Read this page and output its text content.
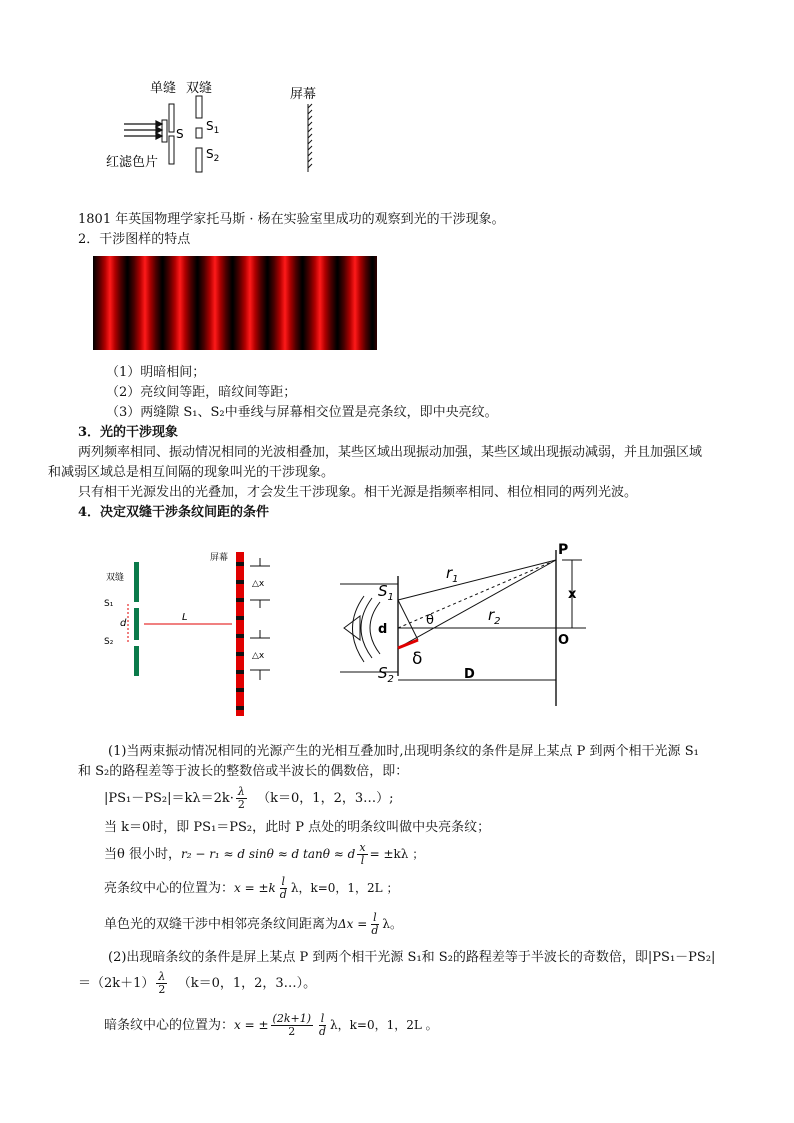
单缝 双缝	屏幕
S
$S_1$
$S_2$
红滤色片
1801 年英国物理学家托马斯 · 杨在实验室里成功的观察到光的干涉现象。
2．干涉图样的特点
（1）明暗相间；
（2）亮纹间等距，暗纹间等距；
（3）两缝隙 S₁、S₂中垂线与屏幕相交位置是亮条纹，即中央亮纹。
3．光的干涉现象
两列频率相同、振动情况相同的光波相叠加，某些区域出现振动加强，某些区域出现振动减弱，并且加强区域
和减弱区域总是相互间隔的现象叫光的干涉现象。
只有相干光源发出的光叠加，才会发生干涉现象。相干光源是指频率相同、相位相同的两列光波。
4．决定双缝干涉条纹间距的条件
双缝
屏幕
S₁
S₂
d
L
△x
△x
P
x
O
$S_1$
$S_2$
$r_1$
$r_2$
d
θ
δ
D
(1)当两束振动情况相同的光源产生的光相互叠加时,出现明条纹的条件是屏上某点 P 到两个相干光源 S₁
和 S₂的路程差等于波长的整数倍或半波长的偶数倍，即：
$|PS_1-PS_2|=k\lambda=2k\cdot \frac{\lambda}{2} (k=0$，1，2，3…）;
当 k＝0时，即 PS₁＝PS₂，此时 P 点处的明条纹叫做中央亮条纹；
当θ 很小时，r₂ − r₁ ≈ d sinθ ≈ d tanθ ≈ d $\frac{x}{l} = \pm k\lambda$ ；
亮条纹中心的位置为：$x = \pm k \frac{l}{d}$ λ，k=0，1，2L ；
单色光的双缝干涉中相邻亮条纹间距离为$\Delta x = \frac{l}{d}$ λ。
(2)出现暗条纹的条件是屏上某点 P 到两个相干光源 S₁和 S₂的路程差等于半波长的奇数倍，即|PS₁－PS₂|
$=(2k+1) \frac{\lambda}{2} (k=0$，1，2，3…）。
暗条纹中心的位置为：x = ± $\frac{(2k+1)}{2} \frac{l}{d}$ λ，k=0，1，2L 。
